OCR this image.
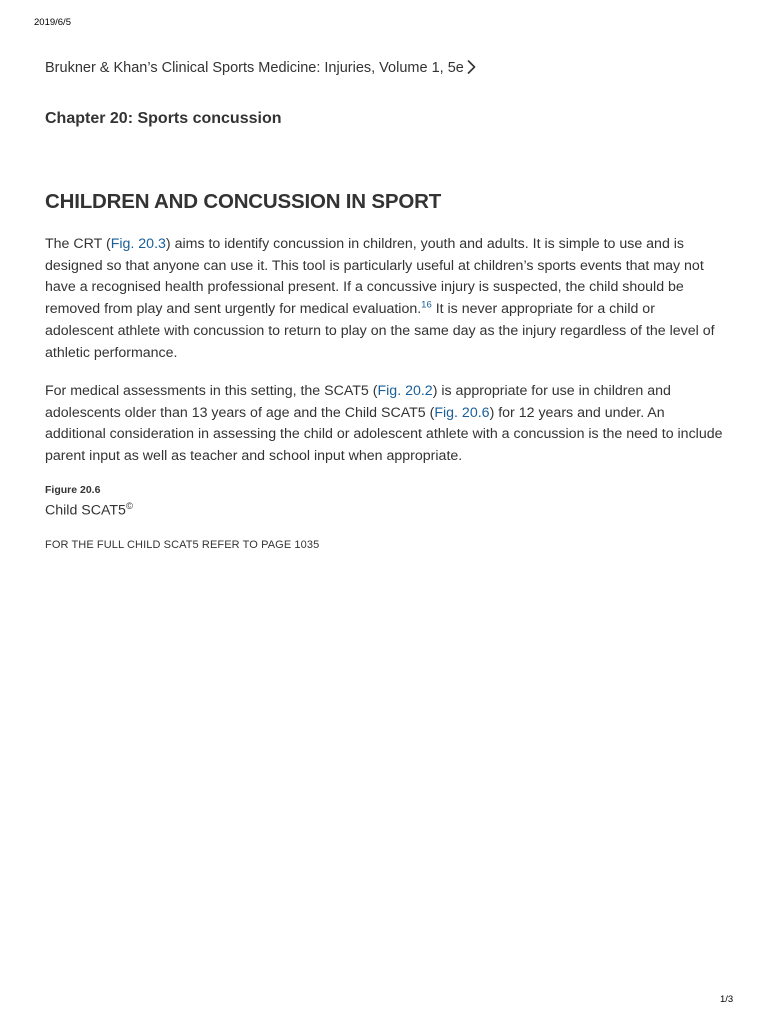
2019/6/5
Brukner & Khan’s Clinical Sports Medicine: Injuries, Volume 1, 5e
Chapter 20: Sports concussion
CHILDREN AND CONCUSSION IN SPORT

The CRT (Fig. 20.3) aims to identify concussion in children, youth and adults. It is simple to use and is designed so that anyone can use it. This tool is particularly useful at children’s sports events that may not have a recognised health professional present. If a concussive injury is suspected, the child should be removed from play and sent urgently for medical evaluation.$^{16}$ It is never appropriate for a child or adolescent athlete with concussion to return to play on the same day as the injury regardless of the level of athletic performance.

For medical assessments in this setting, the SCAT5 (Fig. 20.2) is appropriate for use in children and adolescents older than 13 years of age and the Child SCAT5 (Fig. 20.6) for 12 years and under. An additional consideration in assessing the child or adolescent athlete with a concussion is the need to include parent input as well as teacher and school input when appropriate.

Figure 20.6
Child SCAT5©
FOR THE FULL CHILD SCAT5 REFER TO PAGE 1035
1/3
